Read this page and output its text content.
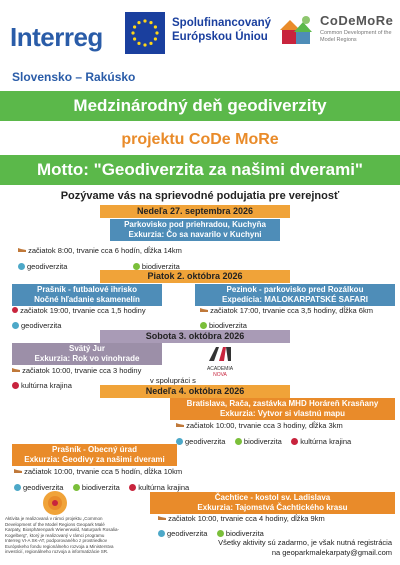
Interreg	Spolufinancovaný
Európskou Úniou
CoDeMoRe
Common Development of the Model Regions
Slovensko – Rakúsko
Medzinárodný deň geodiverzity
projektu CoDe MoRe
Motto: "Geodiverzita za našimi dverami"
Pozývame vás na sprievodné podujatia pre verejnosť
Nedeľa 27. septembra 2026
Parkovisko pod priehradou, Kuchyňa
Exkurzia: Čo sa navarilo v Kuchyni
začiatok 8:00, trvanie cca 6 hodín, dĺžka 14km
geodiverzita
	biodiverzita
Piatok 2. októbra 2026
Prašník - futbalové ihrisko
Nočné hľadanie skamenelín
začiatok 19:00, trvanie cca 1,5 hodiny
geodiverzita
Pezinok - parkovisko pred Rozálkou
Expedícia: MALOKARPATSKÉ SAFARI
začiatok 17:00, trvanie cca 3,5 hodiny, dĺžka 6km
biodiverzita
Sobota 3. októbra 2026
Svätý Jur
Exkurzia: Rok vo vinohrade
začiatok 10:00, trvanie cca 3 hodiny
kultúrna krajina	v spolupráci s
ACADEMIA
NOVA
Nedeľa 4. októbra 2026
Bratislava, Rača, zastávka MHD Horáreň Krasňany
Exkurzia: Vytvor si vlastnú mapu
začiatok 10:00, trvanie cca 3 hodiny, dĺžka 3km
geodiverzita
biodiverzita
kultúrna krajina
Prašník - Obecný úrad
Exkurzia: Geodivy za našimi dverami
začiatok 10:00, trvanie cca 5 hodín, dĺžka 10km
geodiverzita
biodiverzita
kultúrna krajina
Čachtice - kostol sv. Ladislava
Exkurzia: Tajomstvá Čachtického krasu
začiatok 10:00, trvanie cca 4 hodiny, dĺžka 9km
geodiverzita
biodiverzita
Aktivita je realizovaná v rámci projektu „Common Development of the Model Regions Geopark Malé Karpaty, Biosphärenpark Wienerwald, Naturpark Rosalia-Kogelberg", ktorý je realizovaný v rámci programu Interreg VI-A SK-AT, podporovaného z prostriedkov Európskeho fondu regionálneho rozvoja a Ministerstva investícií, regionálneho rozvoja a informatizácie SR.
Všetky aktivity sú zadarmo, je však nutná registrácia
na geoparkmalekarpaty@gmail.com
